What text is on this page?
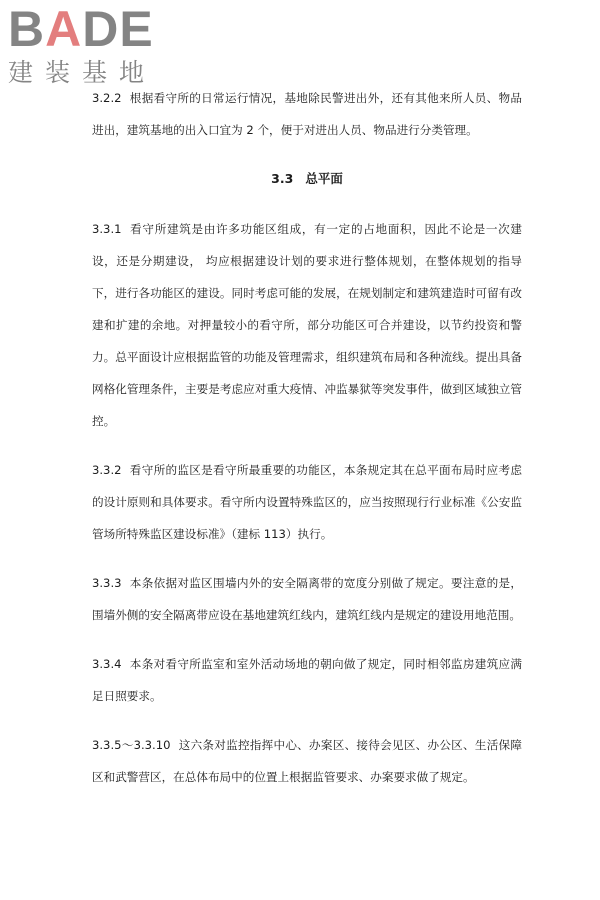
BADE
建装基地

3.2.2 根据看守所的日常运行情况，基地除民警进出外，还有其他来所人员、物品进出，建筑基地的出入口宜为 2 个，便于对进出人员、物品进行分类管理。

3.3 总平面

3.3.1 看守所建筑是由许多功能区组成，有一定的占地面积，因此不论是一次建设，还是分期建设， 均应根据建设计划的要求进行整体规划，在整体规划的指导下，进行各功能区的建设。同时考虑可能的发展，在规划制定和建筑建造时可留有改建和扩建的余地。对押量较小的看守所，部分功能区可合并建设，以节约投资和警力。总平面设计应根据监管的功能及管理需求，组织建筑布局和各种流线。提出具备网格化管理条件，主要是考虑应对重大疫情、冲监暴狱等突发事件，做到区域独立管控。

3.3.2 看守所的监区是看守所最重要的功能区，本条规定其在总平面布局时应考虑的设计原则和具体要求。看守所内设置特殊监区的，应当按照现行行业标准《公安监管场所特殊监区建设标准》（建标 113）执行。

3.3.3 本条依据对监区围墙内外的安全隔离带的宽度分别做了规定。要注意的是，围墙外侧的安全隔离带应设在基地建筑红线内，建筑红线内是规定的建设用地范围。

3.3.4 本条对看守所监室和室外活动场地的朝向做了规定，同时相邻监房建筑应满足日照要求。

3.3.5～3.3.10 这六条对监控指挥中心、办案区、接待会见区、办公区、生活保障区和武警营区，在总体布局中的位置上根据监管要求、办案要求做了规定。
